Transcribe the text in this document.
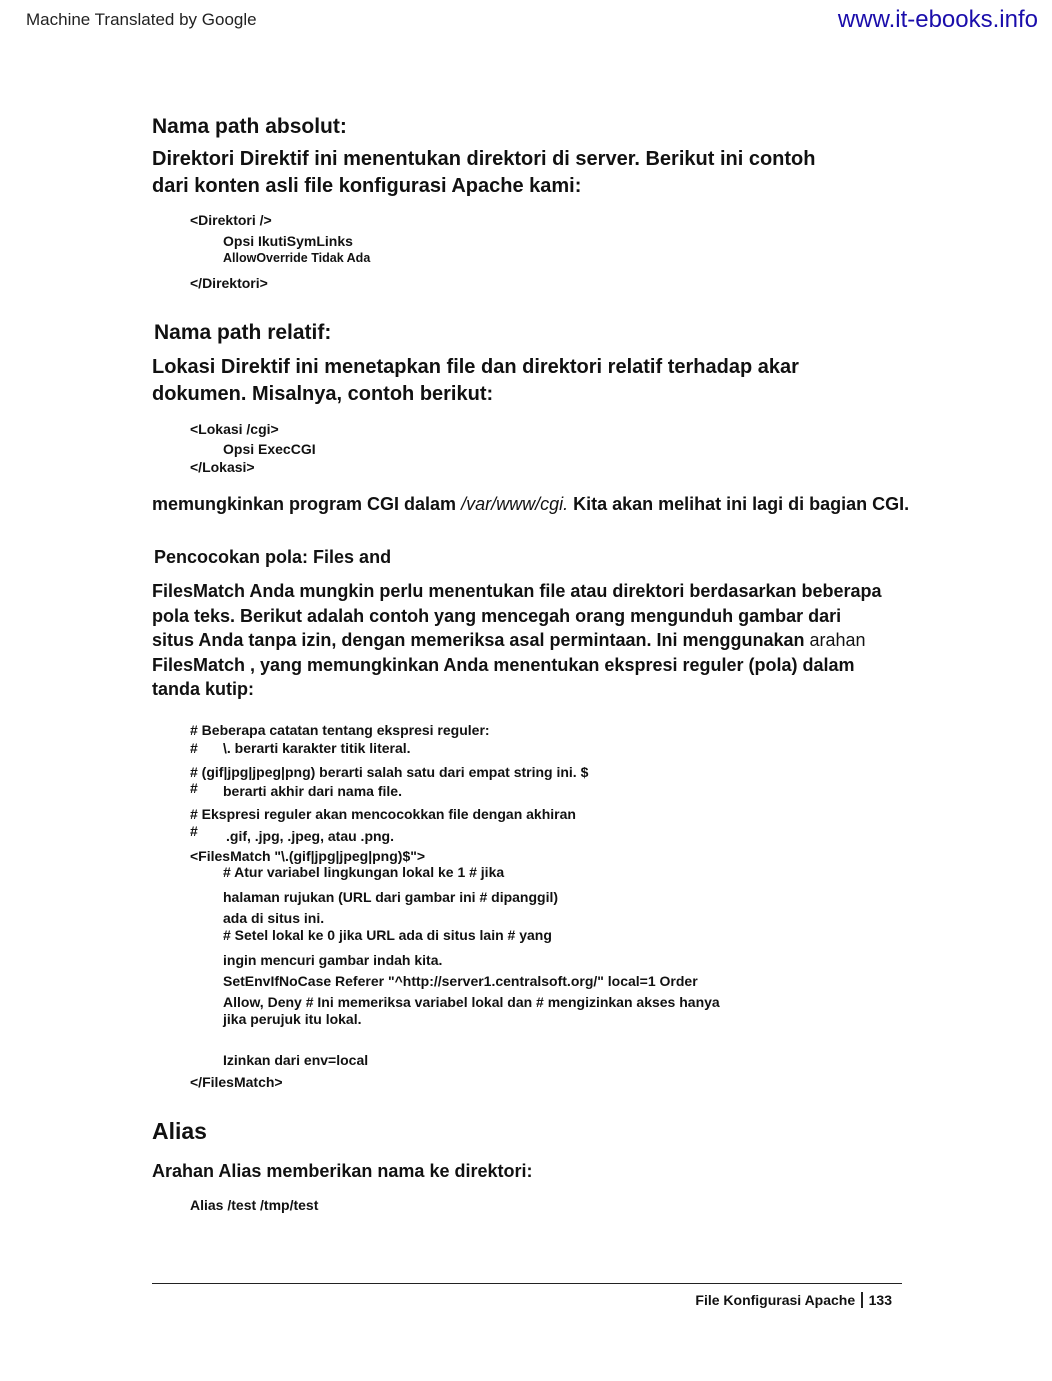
Machine Translated by Google	www.it-ebooks.info
Nama path absolut:
Direktori Direktif ini menentukan direktori di server. Berikut ini contoh
dari konten asli file konfigurasi Apache kami:
<Direktori />
Opsi IkutiSymLinks
AllowOverride Tidak Ada
</Direktori>
Nama path relatif:
Lokasi Direktif ini menetapkan file dan direktori relatif terhadap akar
dokumen. Misalnya, contoh berikut:
<Lokasi /cgi>
Opsi ExecCGI
</Lokasi>
memungkinkan program CGI dalam /var/www/cgi. Kita akan melihat ini lagi di bagian CGI.
Pencocokan pola: Files and
FilesMatch Anda mungkin perlu menentukan file atau direktori berdasarkan beberapa
pola teks. Berikut adalah contoh yang mencegah orang mengunduh gambar dari
situs Anda tanpa izin, dengan memeriksa asal permintaan. Ini menggunakan arahan
FilesMatch , yang memungkinkan Anda menentukan ekspresi reguler (pola) dalam
tanda kutip:
# Beberapa catatan tentang ekspresi reguler:
# \. berarti karakter titik literal.
# (gif|jpg|jpeg|png) berarti salah satu dari empat string ini. $
# berarti akhir dari nama file.
# Ekspresi reguler akan mencocokkan file dengan akhiran
# .gif, .jpg, .jpeg, atau .png.
<FilesMatch "\.(gif|jpg|jpeg|png)$">
# Atur variabel lingkungan lokal ke 1 # jika
halaman rujukan (URL dari gambar ini # dipanggil)
ada di situs ini.
# Setel lokal ke 0 jika URL ada di situs lain # yang
ingin mencuri gambar indah kita.
SetEnvIfNoCase Referer "^http://server1.centralsoft.org/" local=1 Order
Allow, Deny # Ini memeriksa variabel lokal dan # mengizinkan akses hanya
jika perujuk itu lokal.
Izinkan dari env=local
</FilesMatch>
Alias
Arahan Alias memberikan nama ke direktori:
Alias /test /tmp/test
File Konfigurasi Apache 133
